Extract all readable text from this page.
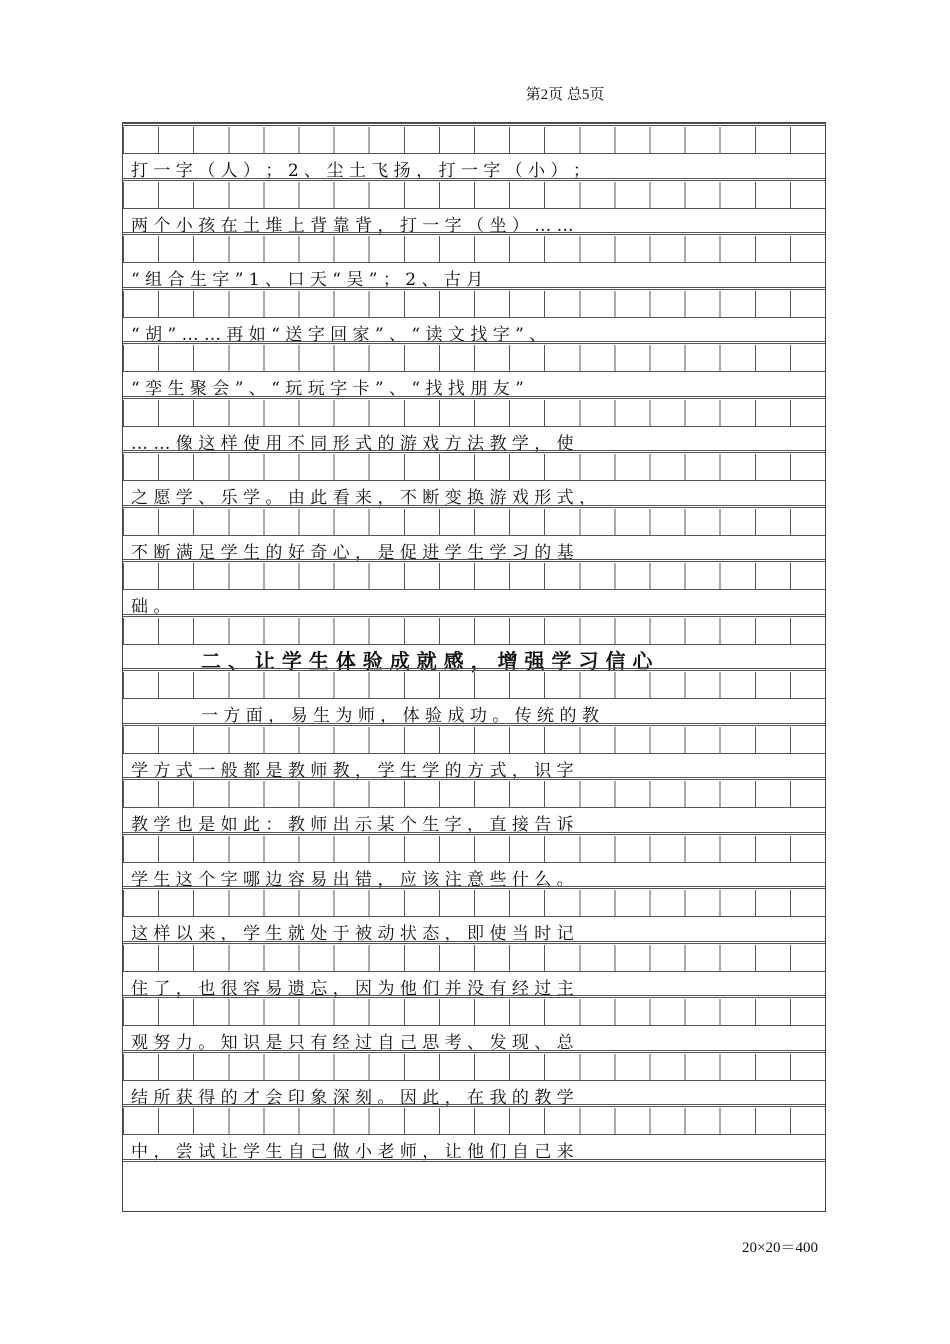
第2页 总5页
打 一 字 （ 人 ） ； 2 、 尘 土 飞 扬 ， 打 一 字 （ 小 ） ；
两 个 小 孩 在 土 堆 上 背 靠 背 ， 打 一 字 （ 坐 ） … …
“ 组 合 生 字 ” 1 、 口 天 “ 吴 ” ； 2 、 古 月
“ 胡 ” … … 再 如 “ 送 字 回 家 ” 、 “ 读 文 找 字 ” 、
“ 孪 生 聚 会 ” 、 “ 玩 玩 字 卡 ” 、 “ 找 找 朋 友 ”
… … 像 这 样 使 用 不 同 形 式 的 游 戏 方 法 教 学 ， 使
之 愿 学 、 乐 学 。 由 此 看 来 ， 不 断 变 换 游 戏 形 式 ，
不 断 满 足 学 生 的 好 奇 心 ， 是 促 进 学 生 学 习 的 基
础 。
二 、 让 学 生 体 验 成 就 感 ， 增 强 学 习 信 心
一 方 面 ， 易 生 为 师 ， 体 验 成 功 。 传 统 的 教
学 方 式 一 般 都 是 教 师 教 ， 学 生 学 的 方 式 ， 识 字
教 学 也 是 如 此 ： 教 师 出 示 某 个 生 字 ， 直 接 告 诉
学 生 这 个 字 哪 边 容 易 出 错 ， 应 该 注 意 些 什 么 。
这 样 以 来 ， 学 生 就 处 于 被 动 状 态 ， 即 使 当 时 记
住 了 ， 也 很 容 易 遗 忘 ， 因 为 他 们 并 没 有 经 过 主
观 努 力 。 知 识 是 只 有 经 过 自 己 思 考 、 发 现 、 总
结 所 获 得 的 才 会 印 象 深 刻 。 因 此 ， 在 我 的 教 学
中 ， 尝 试 让 学 生 自 己 做 小 老 师 ， 让 他 们 自 己 来
20×20＝400
